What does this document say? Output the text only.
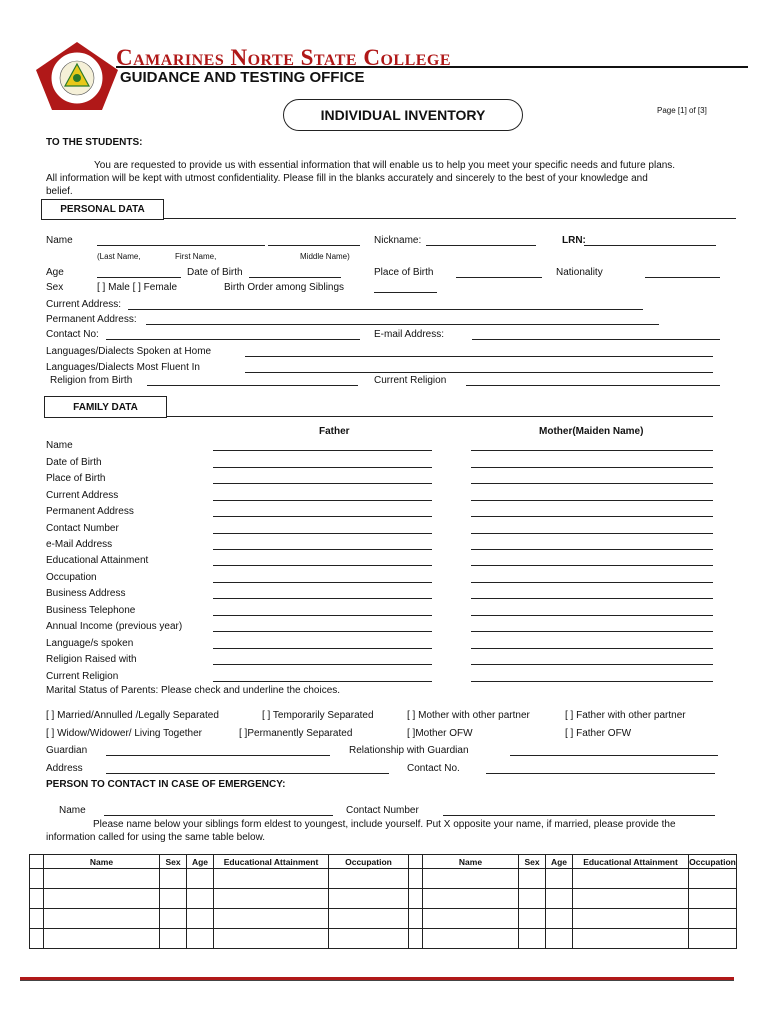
Camarines Norte State College
GUIDANCE AND TESTING OFFICE
INDIVIDUAL INVENTORY	Page [1] of [3]
TO THE STUDENTS:
You are requested to provide us with essential information that will enable us to help you meet your specific needs and future plans.
All information will be kept with utmost confidentiality. Please fill in the blanks accurately and sincerely to the best of your knowledge and
belief.
PERSONAL DATA
Name	Nickname:	LRN:
(Last Name,	First Name,	Middle Name)
Age	Date of Birth	Place of Birth	Nationality
Sex	[ ] Male [ ] Female	Birth Order among Siblings
Current Address:
Permanent Address:
Contact No:	E-mail Address:
Languages/Dialects Spoken at Home
Languages/Dialects Most Fluent In
Religion from Birth	Current Religion
FAMILY DATA
Father	Mother(Maiden Name)
Name
Date of Birth
Place of Birth
Current Address
Permanent Address
Contact Number
e-Mail Address
Educational Attainment
Occupation
Business Address
Business Telephone
Annual Income (previous year)
Language/s spoken
Religion Raised with
Current Religion
Marital Status of Parents: Please check and underline the choices.
[ ] Married/Annulled /Legally Separated	[ ] Temporarily Separated	[ ] Mother with other partner	[ ] Father with other partner
[ ] Widow/Widower/ Living Together	[ ]Permanently Separated	[ ]Mother OFW	[ ] Father OFW
Guardian	Relationship with Guardian
Address	Contact No.
PERSON TO CONTACT IN CASE OF EMERGENCY:
Name	Contact Number
Please name below your siblings form eldest to youngest, include yourself. Put X opposite your name, if married, please provide the
information called for using the same table below.
	Name	Sex	Age	Educational Attainment	Occupation		Name	Sex	Age	Educational Attainment	Occupation
